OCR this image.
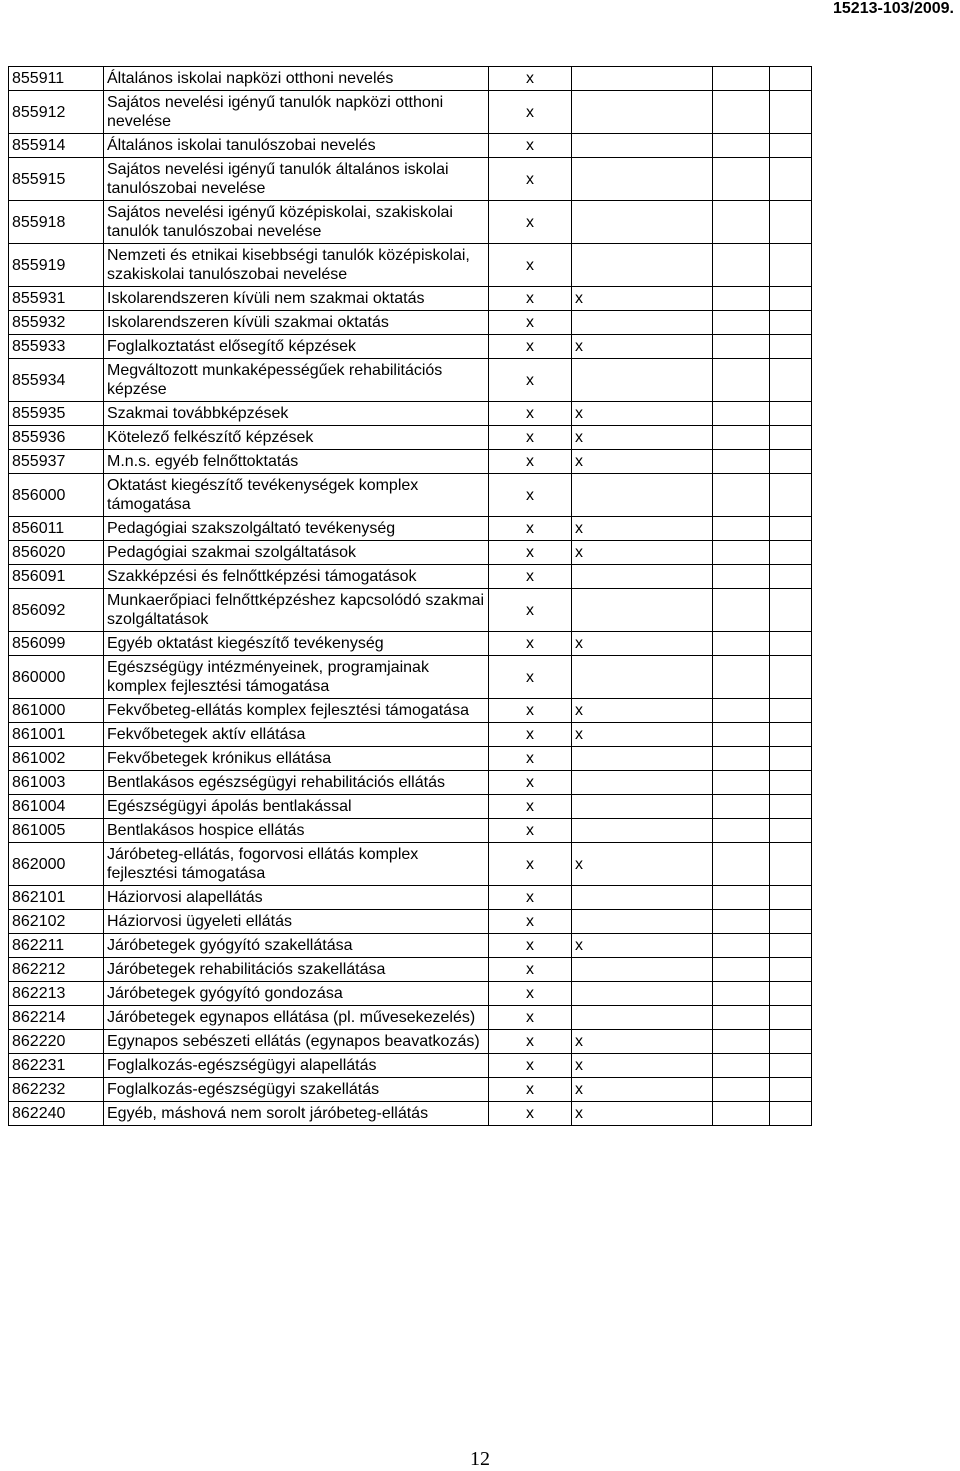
15213-103/2009.
855911	Általános iskolai napközi otthoni nevelés	x			
855912	Sajátos nevelési igényű tanulók napközi otthoni nevelése	x			
855914	Általános iskolai tanulószobai nevelés	x			
855915	Sajátos nevelési igényű tanulók általános iskolai tanulószobai nevelése	x			
855918	Sajátos nevelési igényű középiskolai, szakiskolai tanulók tanulószobai nevelése	x			
855919	Nemzeti és etnikai kisebbségi tanulók középiskolai, szakiskolai tanulószobai nevelése	x			
855931	Iskolarendszeren kívüli nem szakmai oktatás	x	x		
855932	Iskolarendszeren kívüli szakmai oktatás	x			
855933	Foglalkoztatást elősegítő képzések	x	x		
855934	Megváltozott munkaképességűek rehabilitációs képzése	x			
855935	Szakmai továbbképzések	x	x		
855936	Kötelező felkészítő képzések	x	x		
855937	M.n.s. egyéb felnőttoktatás	x	x		
856000	Oktatást kiegészítő tevékenységek komplex támogatása	x			
856011	Pedagógiai szakszolgáltató tevékenység	x	x		
856020	Pedagógiai szakmai szolgáltatások	x	x		
856091	Szakképzési és felnőttképzési támogatások	x			
856092	Munkaerőpiaci felnőttképzéshez kapcsolódó szakmai szolgáltatások	x			
856099	Egyéb oktatást kiegészítő tevékenység	x	x		
860000	Egészségügy intézményeinek, programjainak komplex fejlesztési támogatása	x			
861000	Fekvőbeteg-ellátás komplex fejlesztési támogatása	x	x		
861001	Fekvőbetegek aktív ellátása	x	x		
861002	Fekvőbetegek krónikus ellátása	x			
861003	Bentlakásos egészségügyi rehabilitációs ellátás	x			
861004	Egészségügyi ápolás bentlakással	x			
861005	Bentlakásos hospice ellátás	x			
862000	Járóbeteg-ellátás, fogorvosi ellátás komplex fejlesztési támogatása	x	x		
862101	Háziorvosi alapellátás	x			
862102	Háziorvosi ügyeleti ellátás	x			
862211	Járóbetegek gyógyító szakellátása	x	x		
862212	Járóbetegek rehabilitációs szakellátása	x			
862213	Járóbetegek gyógyító gondozása	x			
862214	Járóbetegek egynapos ellátása (pl. művesekezelés)	x			
862220	Egynapos sebészeti ellátás (egynapos beavatkozás)	x	x		
862231	Foglalkozás-egészségügyi alapellátás	x	x		
862232	Foglalkozás-egészségügyi szakellátás	x	x		
862240	Egyéb, máshová nem sorolt járóbeteg-ellátás	x	x		
12
